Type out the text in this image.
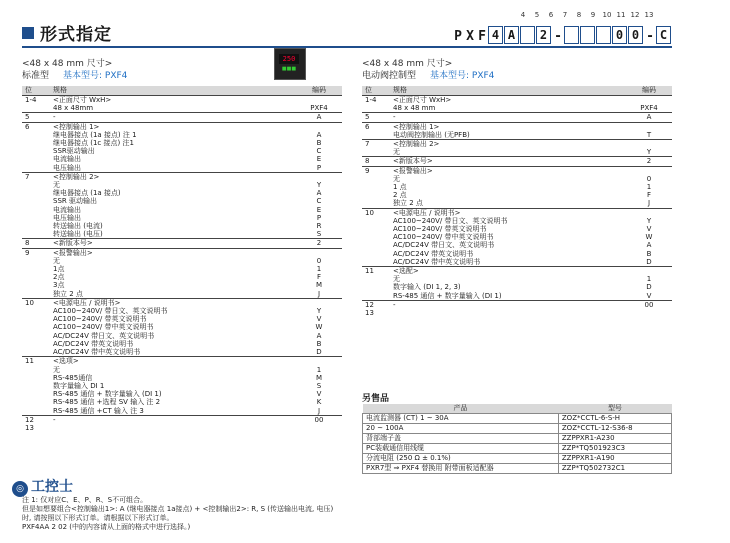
形式指定
4	5	6	7	8	9	10 11 12 13
P X F 4 A	2 -	0 0 - C
<48 x 48 mm 尺寸>
标准型 基本型号: PXF4
250
■■■	<48 x 48 mm 尺寸>
电动阀控制型 基本型号: PXF4
位	规格	编码
1-4	<正面尺寸 WxH>	
	48 x 48mm	PXF4
5	-	A
6	<控制输出 1>	
	继电器接点 (1a 接点) 注 1	A
	继电器接点 (1c 接点) 注1	B
	SSR驱动输出	C
	电流输出	E
	电压输出	P
7	<控制输出 2>	
	无	Y
	继电器接点 (1a 接点)	A
	SSR 驱动输出	C
	电流输出	E
	电压输出	P
	转送输出 (电流)	R
	转送输出 (电压)	S
8	<新版本号>	2
9	<报警输出>	
	无	0
	1点	1
	2点	F
	3点	M
	独立 2 点	J
10	<电源电压 / 说明书>	
	AC100~240V/ 带日文、英文说明书	Y
	AC100~240V/ 带英文说明书	V
	AC100~240V/ 带中英文说明书	W
	AC/DC24V 带日文、英文说明书	A
	AC/DC24V 带英文说明书	B
	AC/DC24V 带中英文说明书	D
11	<选项>	
	无	1
	RS-485通信	M
	数字量输入 DI 1	S
	RS-485 通信 + 数字量输入 (DI 1)	V
	RS-485 通信 +选程 SV 输入 注 2	K
	RS-485 通信 +CT 输入 注 3	J
12	-	00
13		
位	规格	编码
1-4	<正面尺寸 WxH>	
	48 x 48 mm	PXF4
5	-	A
6	<控制输出 1>	
	电动阀控制输出 (无PFB)	T
7	<控制输出 2>	
	无	Y
8	<新版本号>	2
9	<报警输出>	
	无	0
	1 点	1
	2 点	F
	独立 2 点	J
10	<电源电压 / 说明书>	
	AC100~240V/ 带日文、英文说明书	Y
	AC100~240V/ 带英文说明书	V
	AC100~240V/ 带中英文说明书	W
	AC/DC24V 带日文、英文说明书	A
	AC/DC24V 带英文说明书	B
	AC/DC24V 带中英文说明书	D
11	<选配>	
	无	1
	数字输入 (DI 1, 2, 3)	D
	RS-485 通信 + 数字量输入 (DI 1)	V
12	-	00
13		
另售品
产品	型号
电流监测器 (CT) 1 ~ 30A	ZOZ*CCTL-6-S-H
20 ~ 100A	ZOZ*CCTL-12-S36-8
背部端子盖	ZZPPXR1-A230
PC装载通信用线缆	ZZP*TQ501923C3
分流电阻 (250 Ω ± 0.1%)	ZZPPXR1-A190
PXR7型 ⇒ PXF4 替换用 附带面板适配器	ZZP*TQ502732C1
注 1: 仅对应C、E、P、R、S不可组合。
但是如想要组合<控制输出1>: A (继电器接点 1a接点) + <控制输出2>: R, S (传送输出电流, 电压) 时, 请按照以下形式订单。请根据以下形式订单。
PXF4AA 2 02 (中的内容请从上面的格式中进行选择。)
◎ 工控士
